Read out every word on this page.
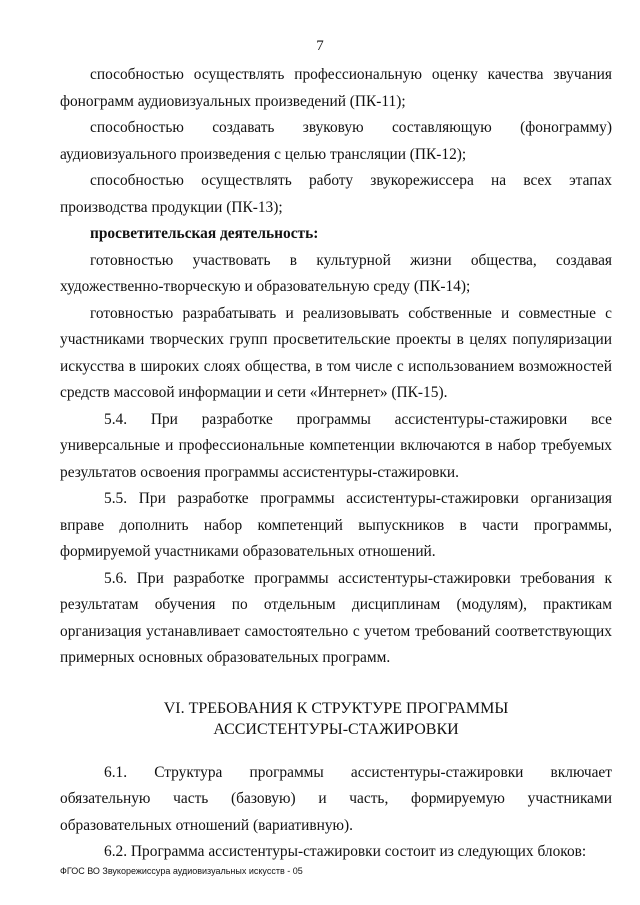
7

способностью осуществлять профессиональную оценку качества звучания фонограмм аудиовизуальных произведений (ПК-11);

способностью создавать звуковую составляющую (фонограмму) аудиовизуального произведения с целью трансляции (ПК-12);

способностью осуществлять работу звукорежиссера на всех этапах производства продукции (ПК-13);

просветительская деятельность:

готовностью участвовать в культурной жизни общества, создавая художественно-творческую и образовательную среду (ПК-14);

готовностью разрабатывать и реализовывать собственные и совместные с участниками творческих групп просветительские проекты в целях популяризации искусства в широких слоях общества, в том числе с использованием возможностей средств массовой информации и сети «Интернет» (ПК-15).

5.4. При разработке программы ассистентуры-стажировки все универсальные и профессиональные компетенции включаются в набор требуемых результатов освоения программы ассистентуры-стажировки.

5.5. При разработке программы ассистентуры-стажировки организация вправе дополнить набор компетенций выпускников в части программы, формируемой участниками образовательных отношений.

5.6. При разработке программы ассистентуры-стажировки требования к результатам обучения по отдельным дисциплинам (модулям), практикам организация устанавливает самостоятельно с учетом требований соответствующих примерных основных образовательных программ.

VI. ТРЕБОВАНИЯ К СТРУКТУРЕ ПРОГРАММЫ
АССИСТЕНТУРЫ-СТАЖИРОВКИ

6.1. Структура программы ассистентуры-стажировки включает обязательную часть (базовую) и часть, формируемую участниками образовательных отношений (вариативную).

6.2. Программа ассистентуры-стажировки состоит из следующих блоков:

ФГОС ВО Звукорежиссура аудиовизуальных искусств - 05
